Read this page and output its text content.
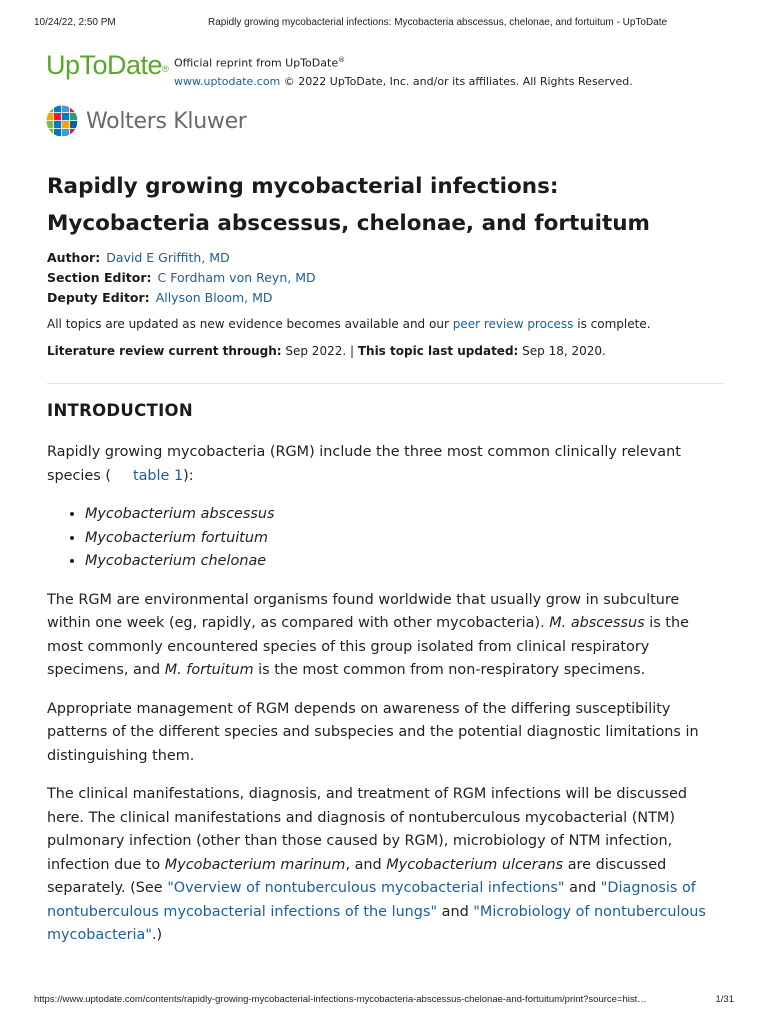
10/24/22, 2:50 PM	Rapidly growing mycobacterial infections: Mycobacteria abscessus, chelonae, and fortuitum - UpToDate
UpToDate® Official reprint from UpToDate®
www.uptodate.com © 2022 UpToDate, Inc. and/or its affiliates. All Rights Reserved.
Wolters Kluwer
Rapidly growing mycobacterial infections:
Mycobacteria abscessus, chelonae, and fortuitum
Author: David E Griffith, MD
Section Editor: C Fordham von Reyn, MD
Deputy Editor: Allyson Bloom, MD
All topics are updated as new evidence becomes available and our peer review process is complete.
Literature review current through: Sep 2022. | This topic last updated: Sep 18, 2020.
INTRODUCTION

Rapidly growing mycobacteria (RGM) include the three most common clinically relevant species ( table 1):

• Mycobacterium abscessus
• Mycobacterium fortuitum
• Mycobacterium chelonae

The RGM are environmental organisms found worldwide that usually grow in subculture within one week (eg, rapidly, as compared with other mycobacteria). M. abscessus is the most commonly encountered species of this group isolated from clinical respiratory specimens, and M. fortuitum is the most common from non-respiratory specimens.

Appropriate management of RGM depends on awareness of the differing susceptibility patterns of the different species and subspecies and the potential diagnostic limitations in distinguishing them.

The clinical manifestations, diagnosis, and treatment of RGM infections will be discussed here. The clinical manifestations and diagnosis of nontuberculous mycobacterial (NTM) pulmonary infection (other than those caused by RGM), microbiology of NTM infection, infection due to Mycobacterium marinum, and Mycobacterium ulcerans are discussed separately. (See "Overview of nontuberculous mycobacterial infections" and "Diagnosis of nontuberculous mycobacterial infections of the lungs" and "Microbiology of nontuberculous mycobacteria".)

https://www.uptodate.com/contents/rapidly-growing-mycobacterial-infections-mycobacteria-abscessus-chelonae-and-fortuitum/print?source=hist…	1/31
